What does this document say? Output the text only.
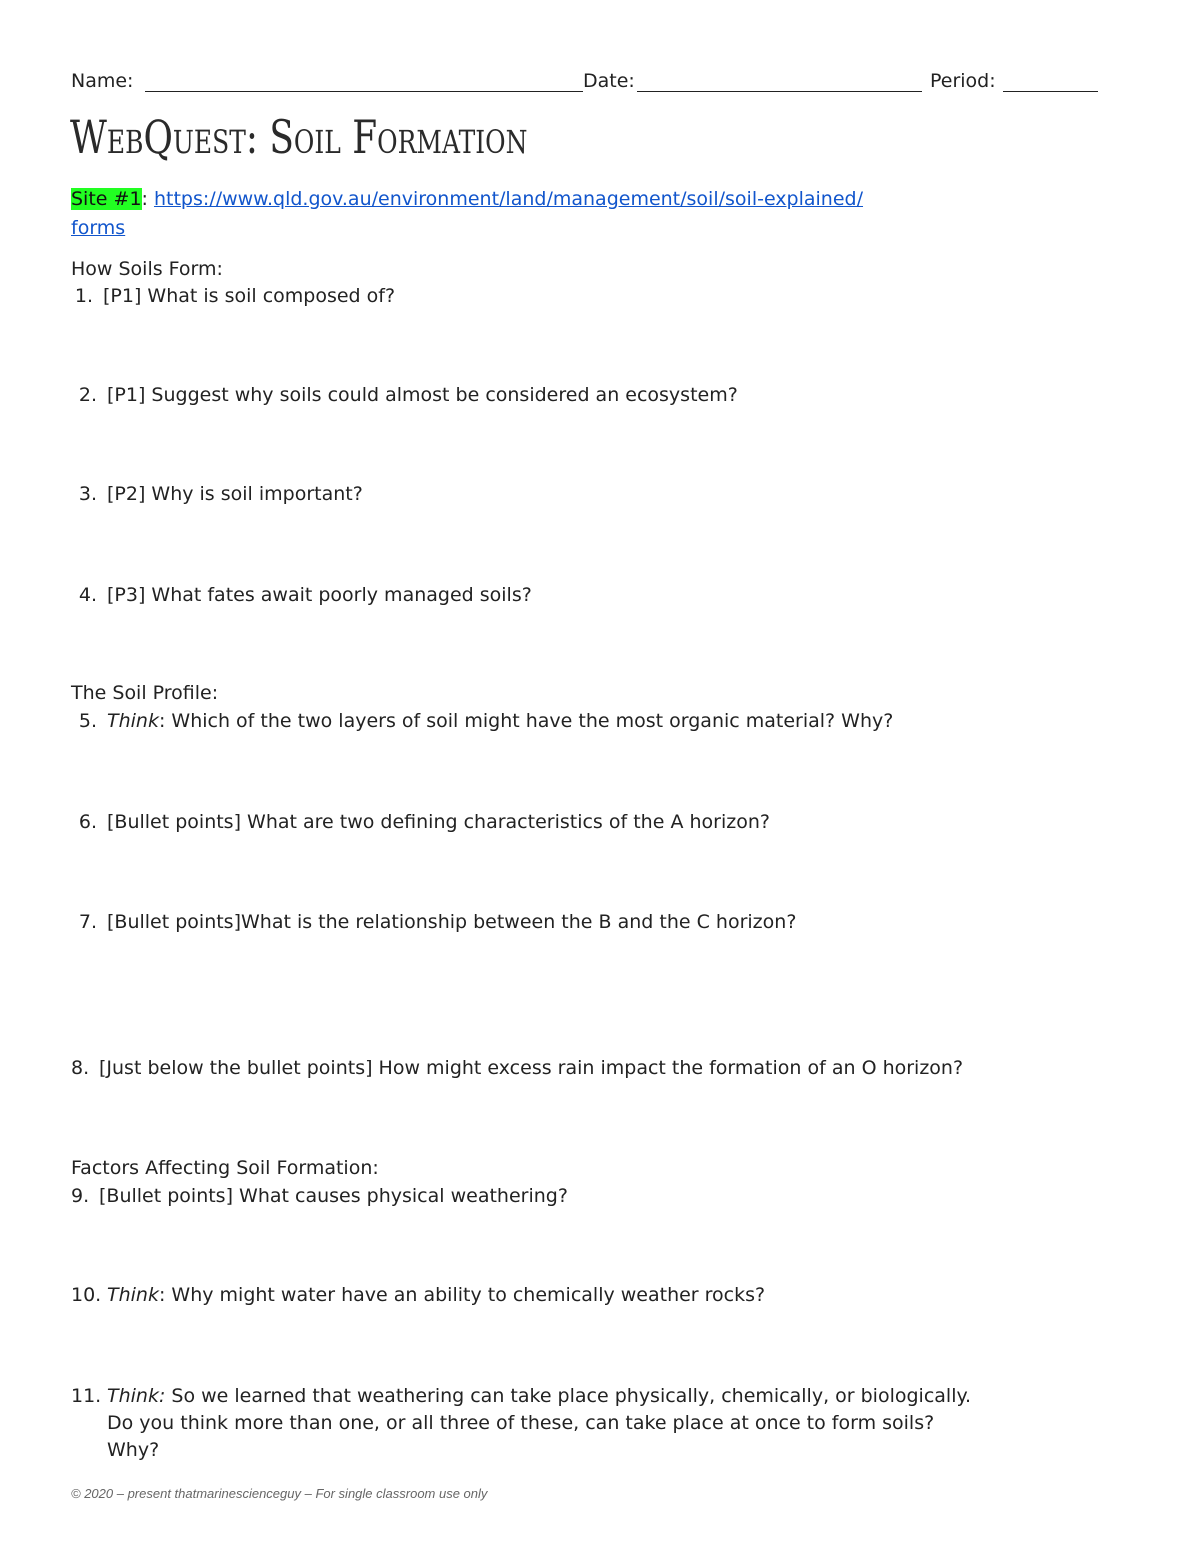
Name:	Date:	Period:
WebQuest: Soil Formation
Site #1: https://www.qld.gov.au/environment/land/management/soil/soil-explained/
forms
How Soils Form:
1. [P1] What is soil composed of?
2. [P1] Suggest why soils could almost be considered an ecosystem?
3. [P2] Why is soil important?
4. [P3] What fates await poorly managed soils?
The Soil Profile:
5. Think: Which of the two layers of soil might have the most organic material? Why?
6. [Bullet points] What are two defining characteristics of the A horizon?
7. [Bullet points]What is the relationship between the B and the C horizon?
8. [Just below the bullet points] How might excess rain impact the formation of an O horizon?
Factors Affecting Soil Formation:
9. [Bullet points] What causes physical weathering?
10. Think: Why might water have an ability to chemically weather rocks?
11. Think: So we learned that weathering can take place physically, chemically, or biologically.
Do you think more than one, or all three of these, can take place at once to form soils?
Why?
© 2020 – present thatmarinescienceguy – For single classroom use only
